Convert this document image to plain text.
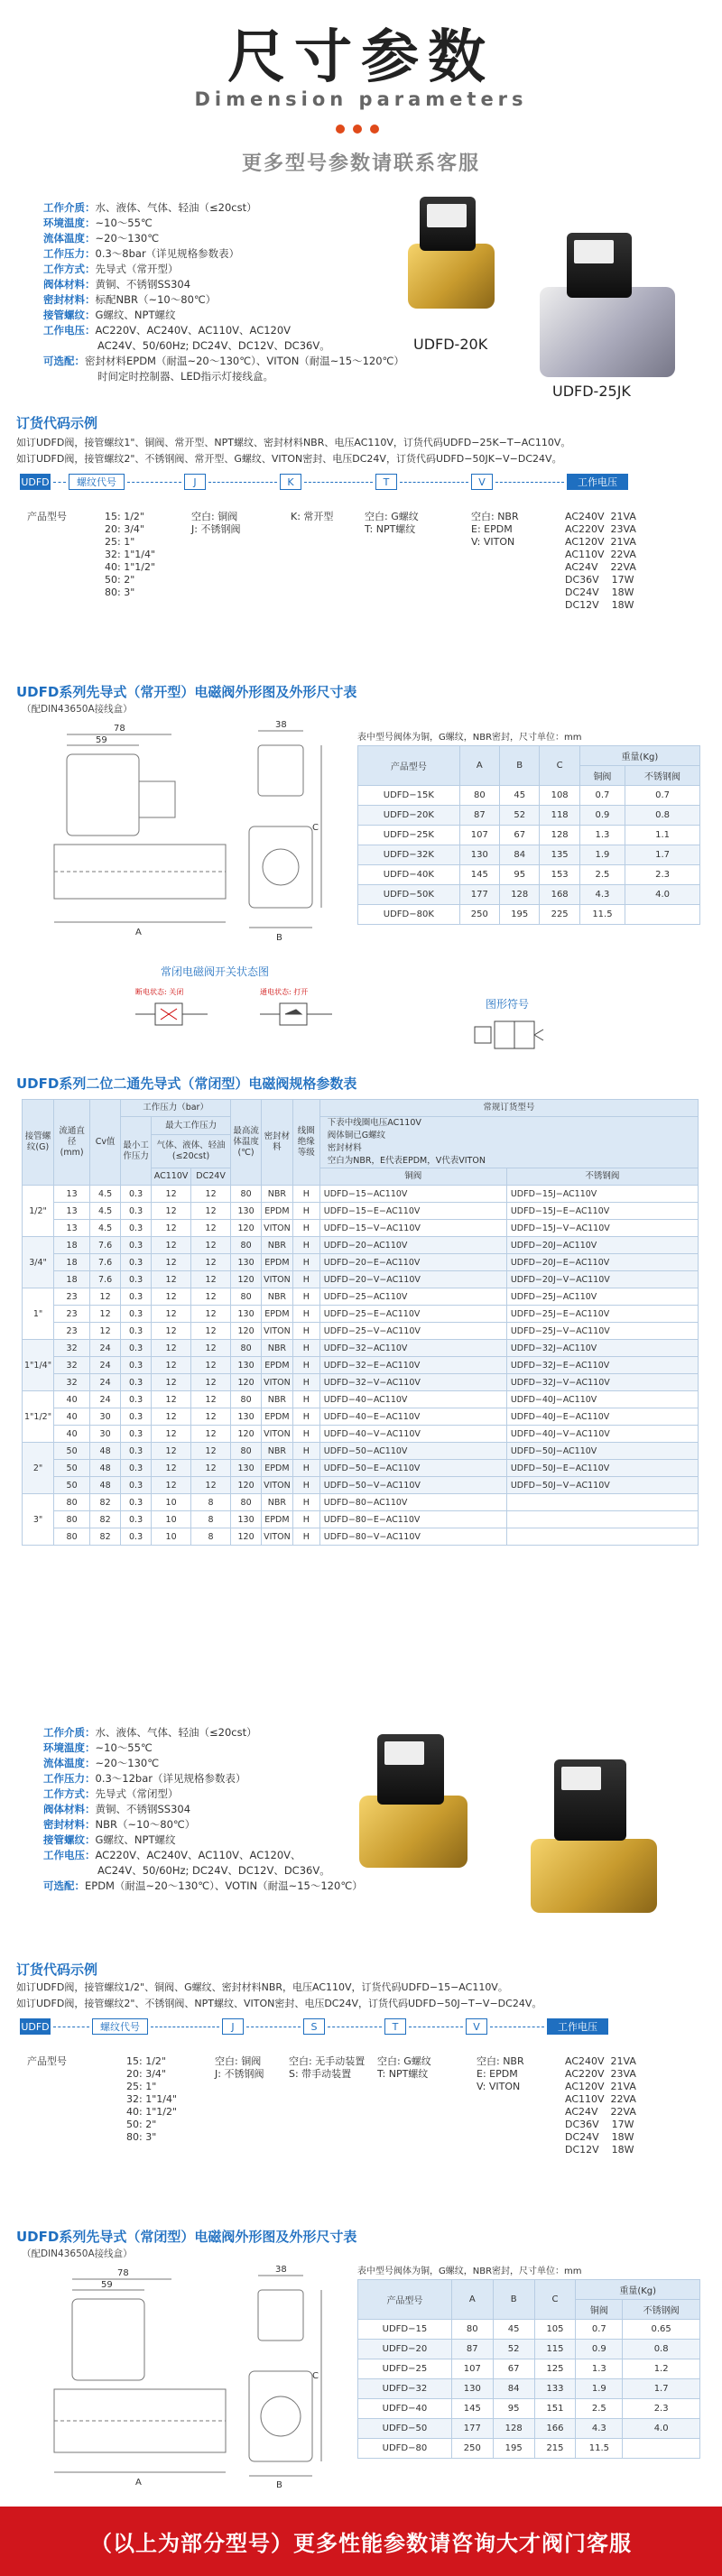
尺寸参数
Dimension parameters
更多型号参数请联系客服
工作介质：水、液体、气体、轻油（≤20cst）
环境温度：~10～55℃
流体温度：~20～130℃
工作压力：0.3～8bar（详见规格参数表）
工作方式：先导式（常开型）
阀体材料：黄铜、不锈钢SS304
密封材料：标配NBR（~10～80℃）
接管螺纹：G螺纹、NPT螺纹
工作电压：AC220V、AC240V、AC110V、AC120V
AC24V、50/60Hz; DC24V、DC12V、DC36V。
可选配：密封材料EPDM（耐温~20～130℃）、VITON（耐温~15～120℃）
时间定时控制器、LED指示灯接线盒。
UDFD-20K
UDFD-25JK
订货代码示例
如订UDFD阀，接管螺纹1"、铜阀、常开型、NPT螺纹、密封材料NBR、电压AC110V，订货代码UDFD−25K−T−AC110V。
如订UDFD阀，接管螺纹2"、不锈钢阀、常开型、G螺纹、VITON密封、电压DC24V，订货代码UDFD−50JK−V−DC24V。
UDFD	螺纹代号	J	K	T	V	工作电压
产品型号	15: 1/2"
20: 3/4"
25: 1"
32: 1"1/4"
40: 1"1/2"
50: 2"
80: 3"
空白: 铜阀
J: 不锈钢阀
K: 常开型	空白: G螺纹
T: NPT螺纹
空白: NBR
E: EPDM
V: VITON
AC240V  21VA
AC220V  23VA
AC120V  21VA
AC110V  22VA
AC24V    22VA
DC36V    17W
DC24V    18W
DC12V    18W
UDFD系列先导式（常开型）电磁阀外形图及外形尺寸表
（配DIN43650A接线盒）
78
59
38
A
B
C
表中型号阀体为铜，G螺纹，NBR密封，尺寸单位：mm
产品型号	A	B	C	重量(Kg)	
				铜阀	不锈钢阀
UDFD−15K	80	45	108	0.7	0.7
UDFD−20K	87	52	118	0.9	0.8
UDFD−25K	107	67	128	1.3	1.1
UDFD−32K	130	84	135	1.9	1.7
UDFD−40K	145	95	153	2.5	2.3
UDFD−50K	177	128	168	4.3	4.0
UDFD−80K	250	195	225	11.5	
常闭电磁阀开关状态图
断电状态: 关闭	通电状态: 打开
图形符号
UDFD系列二位二通先导式（常闭型）电磁阀规格参数表
接管螺纹(G)	流通直径(mm)	Cv值	工作压力（bar）			最高流体温度(℃)	密封材料	线圈绝缘等级	常规订货型号	
			最小工作压力	最大工作压力					下表中线圈电压AC110V
阀体铜已G螺纹
密封材料
空白为NBR，E代表EPDM，V代表VITON	
				气体、液体、轻油(≤20cst)						
				AC110V	DC24V				铜阀	不锈钢阀
1/2"	13	4.5	0.3	12	12	80	NBR	H	UDFD−15−AC110V	UDFD−15J−AC110V
	13	4.5	0.3	12	12	130	EPDM	H	UDFD−15−E−AC110V	UDFD−15J−E−AC110V
	13	4.5	0.3	12	12	120	VITON	H	UDFD−15−V−AC110V	UDFD−15J−V−AC110V
3/4"	18	7.6	0.3	12	12	80	NBR	H	UDFD−20−AC110V	UDFD−20J−AC110V
	18	7.6	0.3	12	12	130	EPDM	H	UDFD−20−E−AC110V	UDFD−20J−E−AC110V
	18	7.6	0.3	12	12	120	VITON	H	UDFD−20−V−AC110V	UDFD−20J−V−AC110V
1"	23	12	0.3	12	12	80	NBR	H	UDFD−25−AC110V	UDFD−25J−AC110V
	23	12	0.3	12	12	130	EPDM	H	UDFD−25−E−AC110V	UDFD−25J−E−AC110V
	23	12	0.3	12	12	120	VITON	H	UDFD−25−V−AC110V	UDFD−25J−V−AC110V
1"1/4"	32	24	0.3	12	12	80	NBR	H	UDFD−32−AC110V	UDFD−32J−AC110V
	32	24	0.3	12	12	130	EPDM	H	UDFD−32−E−AC110V	UDFD−32J−E−AC110V
	32	24	0.3	12	12	120	VITON	H	UDFD−32−V−AC110V	UDFD−32J−V−AC110V
1"1/2"	40	24	0.3	12	12	80	NBR	H	UDFD−40−AC110V	UDFD−40J−AC110V
	40	30	0.3	12	12	130	EPDM	H	UDFD−40−E−AC110V	UDFD−40J−E−AC110V
	40	30	0.3	12	12	120	VITON	H	UDFD−40−V−AC110V	UDFD−40J−V−AC110V
2"	50	48	0.3	12	12	80	NBR	H	UDFD−50−AC110V	UDFD−50J−AC110V
	50	48	0.3	12	12	130	EPDM	H	UDFD−50−E−AC110V	UDFD−50J−E−AC110V
	50	48	0.3	12	12	120	VITON	H	UDFD−50−V−AC110V	UDFD−50J−V−AC110V
3"	80	82	0.3	10	8	80	NBR	H	UDFD−80−AC110V	
	80	82	0.3	10	8	130	EPDM	H	UDFD−80−E−AC110V	
	80	82	0.3	10	8	120	VITON	H	UDFD−80−V−AC110V	
工作介质：水、液体、气体、轻油（≤20cst）
环境温度：~10～55℃
流体温度：~20～130℃
工作压力：0.3～12bar（详见规格参数表）
工作方式：先导式（常闭型）
阀体材料：黄铜、不锈钢SS304
密封材料：NBR（~10～80℃）
接管螺纹：G螺纹、NPT螺纹
工作电压：AC220V、AC240V、AC110V、AC120V、
AC24V、50/60Hz; DC24V、DC12V、DC36V。
可选配：EPDM（耐温~20～130℃）、VOTIN（耐温~15～120℃）
订货代码示例
如订UDFD阀，接管螺纹1/2"、铜阀、G螺纹、密封材料NBR，电压AC110V，订货代码UDFD−15−AC110V。
如订UDFD阀，接管螺纹2"、不锈钢阀、NPT螺纹、VITON密封、电压DC24V，订货代码UDFD−50J−T−V−DC24V。
UDFD	螺纹代号	J	S	T	V	工作电压
产品型号	15: 1/2"
20: 3/4"
25: 1"
32: 1"1/4"
40: 1"1/2"
50: 2"
80: 3"
空白: 铜阀
J: 不锈钢阀
空白: 无手动装置
S: 带手动装置
空白: G螺纹
T: NPT螺纹
空白: NBR
E: EPDM
V: VITON
AC240V  21VA
AC220V  23VA
AC120V  21VA
AC110V  22VA
AC24V    22VA
DC36V    17W
DC24V    18W
DC12V    18W
UDFD系列先导式（常闭型）电磁阀外形图及外形尺寸表
（配DIN43650A接线盒）
78
59
38
A	B
C
表中型号阀体为铜，G螺纹，NBR密封，尺寸单位：mm
产品型号	A	B	C	重量(Kg)	
				铜阀	不锈钢阀
UDFD−15	80	45	105	0.7	0.65
UDFD−20	87	52	115	0.9	0.8
UDFD−25	107	67	125	1.3	1.2
UDFD−32	130	84	133	1.9	1.7
UDFD−40	145	95	151	2.5	2.3
UDFD−50	177	128	166	4.3	4.0
UDFD−80	250	195	215	11.5	
（以上为部分型号）更多性能参数请咨询大才阀门客服
